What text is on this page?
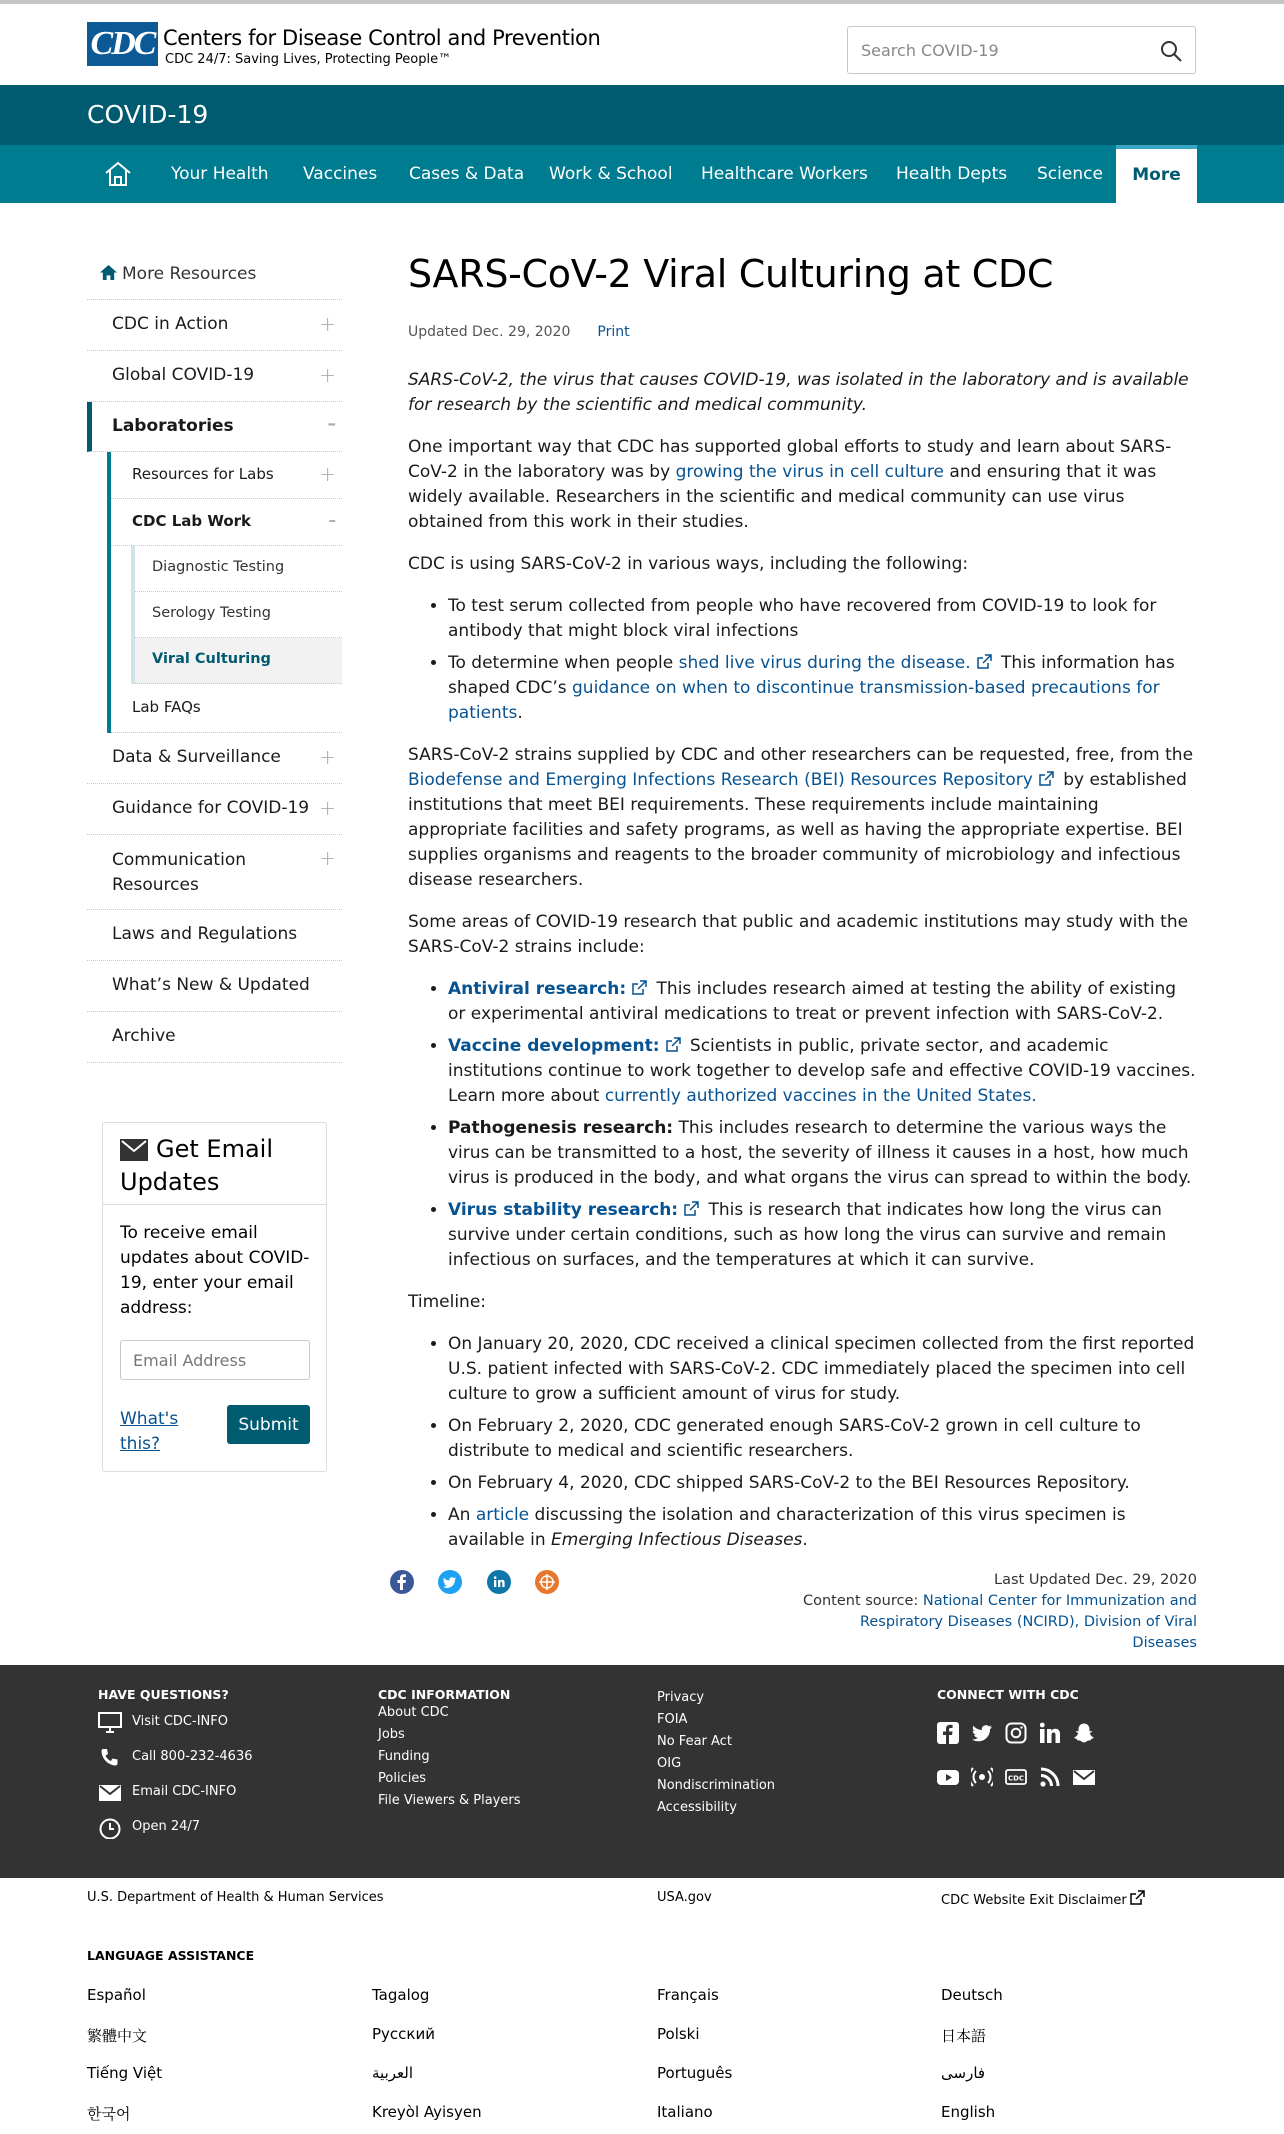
CDC Centers for Disease Control and Prevention
CDC 24/7: Saving Lives, Protecting People™
Search COVID-19
COVID-19
Your Health Vaccines Cases & Data Work & School Healthcare Workers Health Depts Science	More
More Resources
CDC in Action	+
Global COVID-19	+
Laboratories	–
Resources for Labs +
CDC Lab Work	–
Diagnostic Testing
Serology Testing
Viral Culturing
Lab FAQs
Data & Surveillance +
Guidance for COVID-19 +
Communication Resources
+
Laws and Regulations
What’s New & Updated
Archive
Get Email Updates
To receive email updates about COVID-19, enter your email address:
Email Address
What's this?
Submit
SARS-CoV-2 Viral Culturing at CDC
Updated Dec. 29, 2020 Print

SARS-CoV-2, the virus that causes COVID-19, was isolated in the laboratory and is available for research by the scientific and medical community.

One important way that CDC has supported global efforts to study and learn about SARS-CoV-2 in the laboratory was by growing the virus in cell culture and ensuring that it was widely available. Researchers in the scientific and medical community can use virus obtained from this work in their studies.

CDC is using SARS-CoV-2 in various ways, including the following:

• To test serum collected from people who have recovered from COVID-19 to look for antibody that might block viral infections
• To determine when people shed live virus during the disease. This information has shaped CDC’s guidance on when to discontinue transmission-based precautions for patients.

SARS-CoV-2 strains supplied by CDC and other researchers can be requested, free, from the Biodefense and Emerging Infections Research (BEI) Resources Repository by established institutions that meet BEI requirements. These requirements include maintaining appropriate facilities and safety programs, as well as having the appropriate expertise. BEI supplies organisms and reagents to the broader community of microbiology and infectious disease researchers.

Some areas of COVID-19 research that public and academic institutions may study with the SARS-CoV-2 strains include:

• Antiviral research: This includes research aimed at testing the ability of existing or experimental antiviral medications to treat or prevent infection with SARS-CoV-2.
• Vaccine development: Scientists in public, private sector, and academic institutions continue to work together to develop safe and effective COVID-19 vaccines. Learn more about currently authorized vaccines in the United States.
• Pathogenesis research: This includes research to determine the various ways the virus can be transmitted to a host, the severity of illness it causes in a host, how much virus is produced in the body, and what organs the virus can spread to within the body.
• Virus stability research: This is research that indicates how long the virus can survive under certain conditions, such as how long the virus can survive and remain infectious on surfaces, and the temperatures at which it can survive.

Timeline:

• On January 20, 2020, CDC received a clinical specimen collected from the first reported U.S. patient infected with SARS-CoV-2. CDC immediately placed the specimen into cell culture to grow a sufficient amount of virus for study.
• On February 2, 2020, CDC generated enough SARS-CoV-2 grown in cell culture to distribute to medical and scientific researchers.
• On February 4, 2020, CDC shipped SARS-CoV-2 to the BEI Resources Repository.
• An article discussing the isolation and characterization of this virus specimen is available in Emerging Infectious Diseases.
Last Updated Dec. 29, 2020
Content source: National Center for Immunization and Respiratory Diseases (NCIRD), Division of Viral Diseases
HAVE QUESTIONS?
Visit CDC-INFO
Call 800-232-4636
Email CDC-INFO
Open 24/7
CDC INFORMATION
About CDC
Jobs
Funding
Policies
File Viewers & Players
Privacy
FOIA
No Fear Act
OIG
Nondiscrimination
Accessibility
CONNECT WITH CDC
CDC
U.S. Department of Health & Human Services	USA.gov	CDC Website Exit Disclaimer
LANGUAGE ASSISTANCE
Español	Tagalog	Français	Deutsch
繁體中文	Русский	Polski	日本語
Tiếng Việt	العربية	Português	فارسی
한국어	Kreyòl Ayisyen	Italiano	English
